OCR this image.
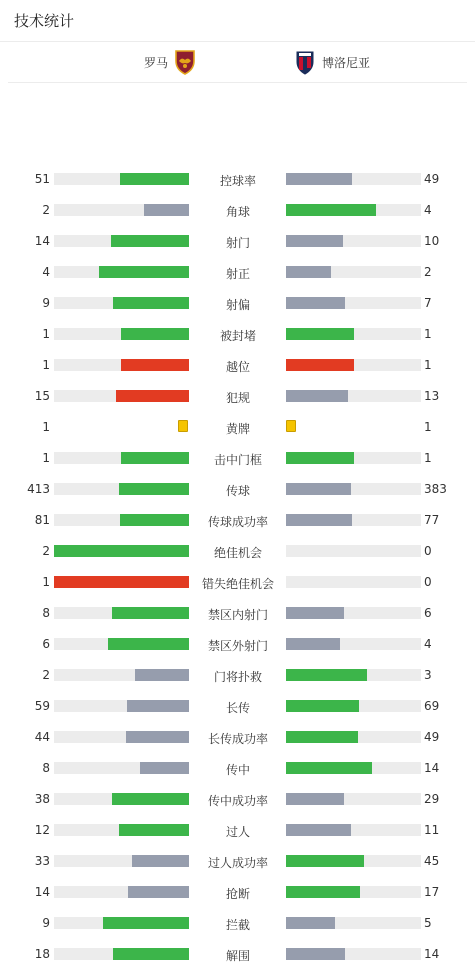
技术统计
罗马	博洛尼亚
51	控球率	49
2	角球	4
14	射门	10
4	射正	2
9	射偏	7
1	被封堵	1
1	越位	1
15	犯规	13
1	黄牌	1
1	击中门框	1
413	传球	383
81	传球成功率	77
2	绝佳机会	0
1	错失绝佳机会	0
8	禁区内射门	6
6	禁区外射门	4
2	门将扑救	3
59	长传	69
44	长传成功率	49
8	传中	14
38	传中成功率	29
12	过人	11
33	过人成功率	45
14	抢断	17
9	拦截	5
18	解围	14
